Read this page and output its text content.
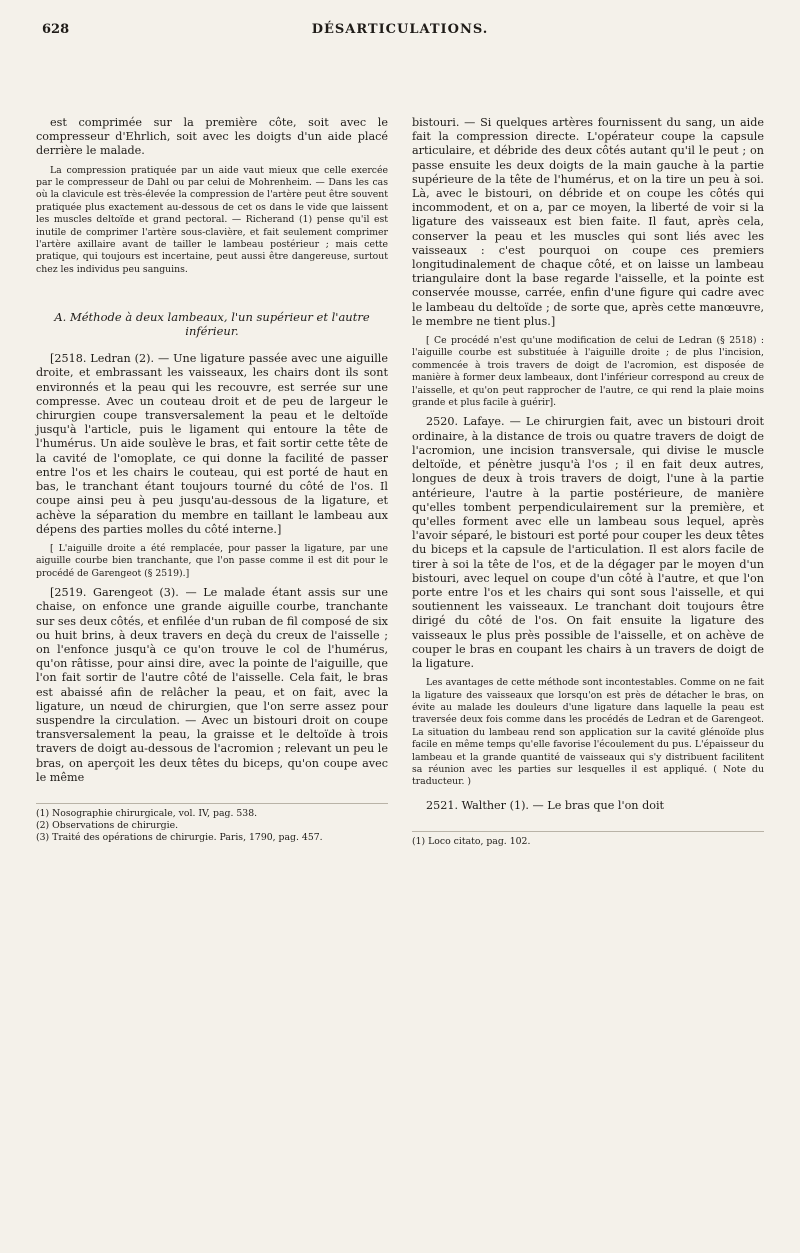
628	DÉSARTICULATIONS.

est comprimée sur la première côte, soit avec le compresseur d'Ehrlich, soit avec les doigts d'un aide placé derrière le malade.

La compression pratiquée par un aide vaut mieux que celle exercée par le compresseur de Dahl ou par celui de Mohrenheim. — Dans les cas où la clavicule est très-élevée la compression de l'artère peut être souvent pratiquée plus exactement au-dessous de cet os dans le vide que laissent les muscles deltoïde et grand pectoral. — Richerand (1) pense qu'il est inutile de comprimer l'artère sous-clavière, et fait seulement comprimer l'artère axillaire avant de tailler le lambeau postérieur ; mais cette pratique, qui toujours est incertaine, peut aussi être dangereuse, surtout chez les individus peu sanguins.

A. Méthode à deux lambeaux, l'un supérieur et l'autre inférieur.

[2518. Ledran (2). — Une ligature passée avec une aiguille droite, et embrassant les vaisseaux, les chairs dont ils sont environnés et la peau qui les recouvre, est serrée sur une compresse. Avec un couteau droit et de peu de largeur le chirurgien coupe transversalement la peau et le deltoïde jusqu'à l'article, puis le ligament qui entoure la tête de l'humérus. Un aide soulève le bras, et fait sortir cette tête de la cavité de l'omoplate, ce qui donne la facilité de passer entre l'os et les chairs le couteau, qui est porté de haut en bas, le tranchant étant toujours tourné du côté de l'os. Il coupe ainsi peu à peu jusqu'au-dessous de la ligature, et achève la séparation du membre en taillant le lambeau aux dépens des parties molles du côté interne.]

[ L'aiguille droite a été remplacée, pour passer la ligature, par une aiguille courbe bien tranchante, que l'on passe comme il est dit pour le procédé de Garengeot (§ 2519).]

[2519. Garengeot (3). — Le malade étant assis sur une chaise, on enfonce une grande aiguille courbe, tranchante sur ses deux côtés, et enfilée d'un ruban de fil composé de six ou huit brins, à deux travers en deçà du creux de l'aisselle ; on l'enfonce jusqu'à ce qu'on trouve le col de l'humérus, qu'on râtisse, pour ainsi dire, avec la pointe de l'aiguille, que l'on fait sortir de l'autre côté de l'aisselle. Cela fait, le bras est abaissé afin de relâcher la peau, et on fait, avec la ligature, un nœud de chirurgien, que l'on serre assez pour suspendre la circulation. — Avec un bistouri droit on coupe transversalement la peau, la graisse et le deltoïde à trois travers de doigt au-dessous de l'acromion ; relevant un peu le bras, on aperçoit les deux têtes du biceps, qu'on coupe avec le même

(1) Nosographie chirurgicale, vol. IV, pag. 538.

(2) Observations de chirurgie.

(3) Traité des opérations de chirurgie. Paris, 1790, pag. 457.

bistouri. — Si quelques artères fournissent du sang, un aide fait la compression directe. L'opérateur coupe la capsule articulaire, et débride des deux côtés autant qu'il le peut ; on passe ensuite les deux doigts de la main gauche à la partie supérieure de la tête de l'humérus, et on la tire un peu à soi. Là, avec le bistouri, on débride et on coupe les côtés qui incommodent, et on a, par ce moyen, la liberté de voir si la ligature des vaisseaux est bien faite. Il faut, après cela, conserver la peau et les muscles qui sont liés avec les vaisseaux : c'est pourquoi on coupe ces premiers longitudinalement de chaque côté, et on laisse un lambeau triangulaire dont la base regarde l'aisselle, et la pointe est conservée mousse, carrée, enfin d'une figure qui cadre avec le lambeau du deltoïde ; de sorte que, après cette manœuvre, le membre ne tient plus.]

[ Ce procédé n'est qu'une modification de celui de Ledran (§ 2518) : l'aiguille courbe est substituée à l'aiguille droite ; de plus l'incision, commencée à trois travers de doigt de l'acromion, est disposée de manière à former deux lambeaux, dont l'inférieur correspond au creux de l'aisselle, et qu'on peut rapprocher de l'autre, ce qui rend la plaie moins grande et plus facile à guérir].

2520. Lafaye. — Le chirurgien fait, avec un bistouri droit ordinaire, à la distance de trois ou quatre travers de doigt de l'acromion, une incision transversale, qui divise le muscle deltoïde, et pénètre jusqu'à l'os ; il en fait deux autres, longues de deux à trois travers de doigt, l'une à la partie antérieure, l'autre à la partie postérieure, de manière qu'elles tombent perpendiculairement sur la première, et qu'elles forment avec elle un lambeau sous lequel, après l'avoir séparé, le bistouri est porté pour couper les deux têtes du biceps et la capsule de l'articulation. Il est alors facile de tirer à soi la tête de l'os, et de la dégager par le moyen d'un bistouri, avec lequel on coupe d'un côté à l'autre, et que l'on porte entre l'os et les chairs qui sont sous l'aisselle, et qui soutiennent les vaisseaux. Le tranchant doit toujours être dirigé du côté de l'os. On fait ensuite la ligature des vaisseaux le plus près possible de l'aisselle, et on achève de couper le bras en coupant les chairs à un travers de doigt de la ligature.

Les avantages de cette méthode sont incontestables. Comme on ne fait la ligature des vaisseaux que lorsqu'on est près de détacher le bras, on évite au malade les douleurs d'une ligature dans laquelle la peau est traversée deux fois comme dans les procédés de Ledran et de Garengeot. La situation du lambeau rend son application sur la cavité glénoïde plus facile en même temps qu'elle favorise l'écoulement du pus. L'épaisseur du lambeau et la grande quantité de vaisseaux qui s'y distribuent facilitent sa réunion avec les parties sur lesquelles il est appliqué. ( Note du traducteur. )

2521. Walther (1). — Le bras que l'on doit

(1) Loco citato, pag. 102.
